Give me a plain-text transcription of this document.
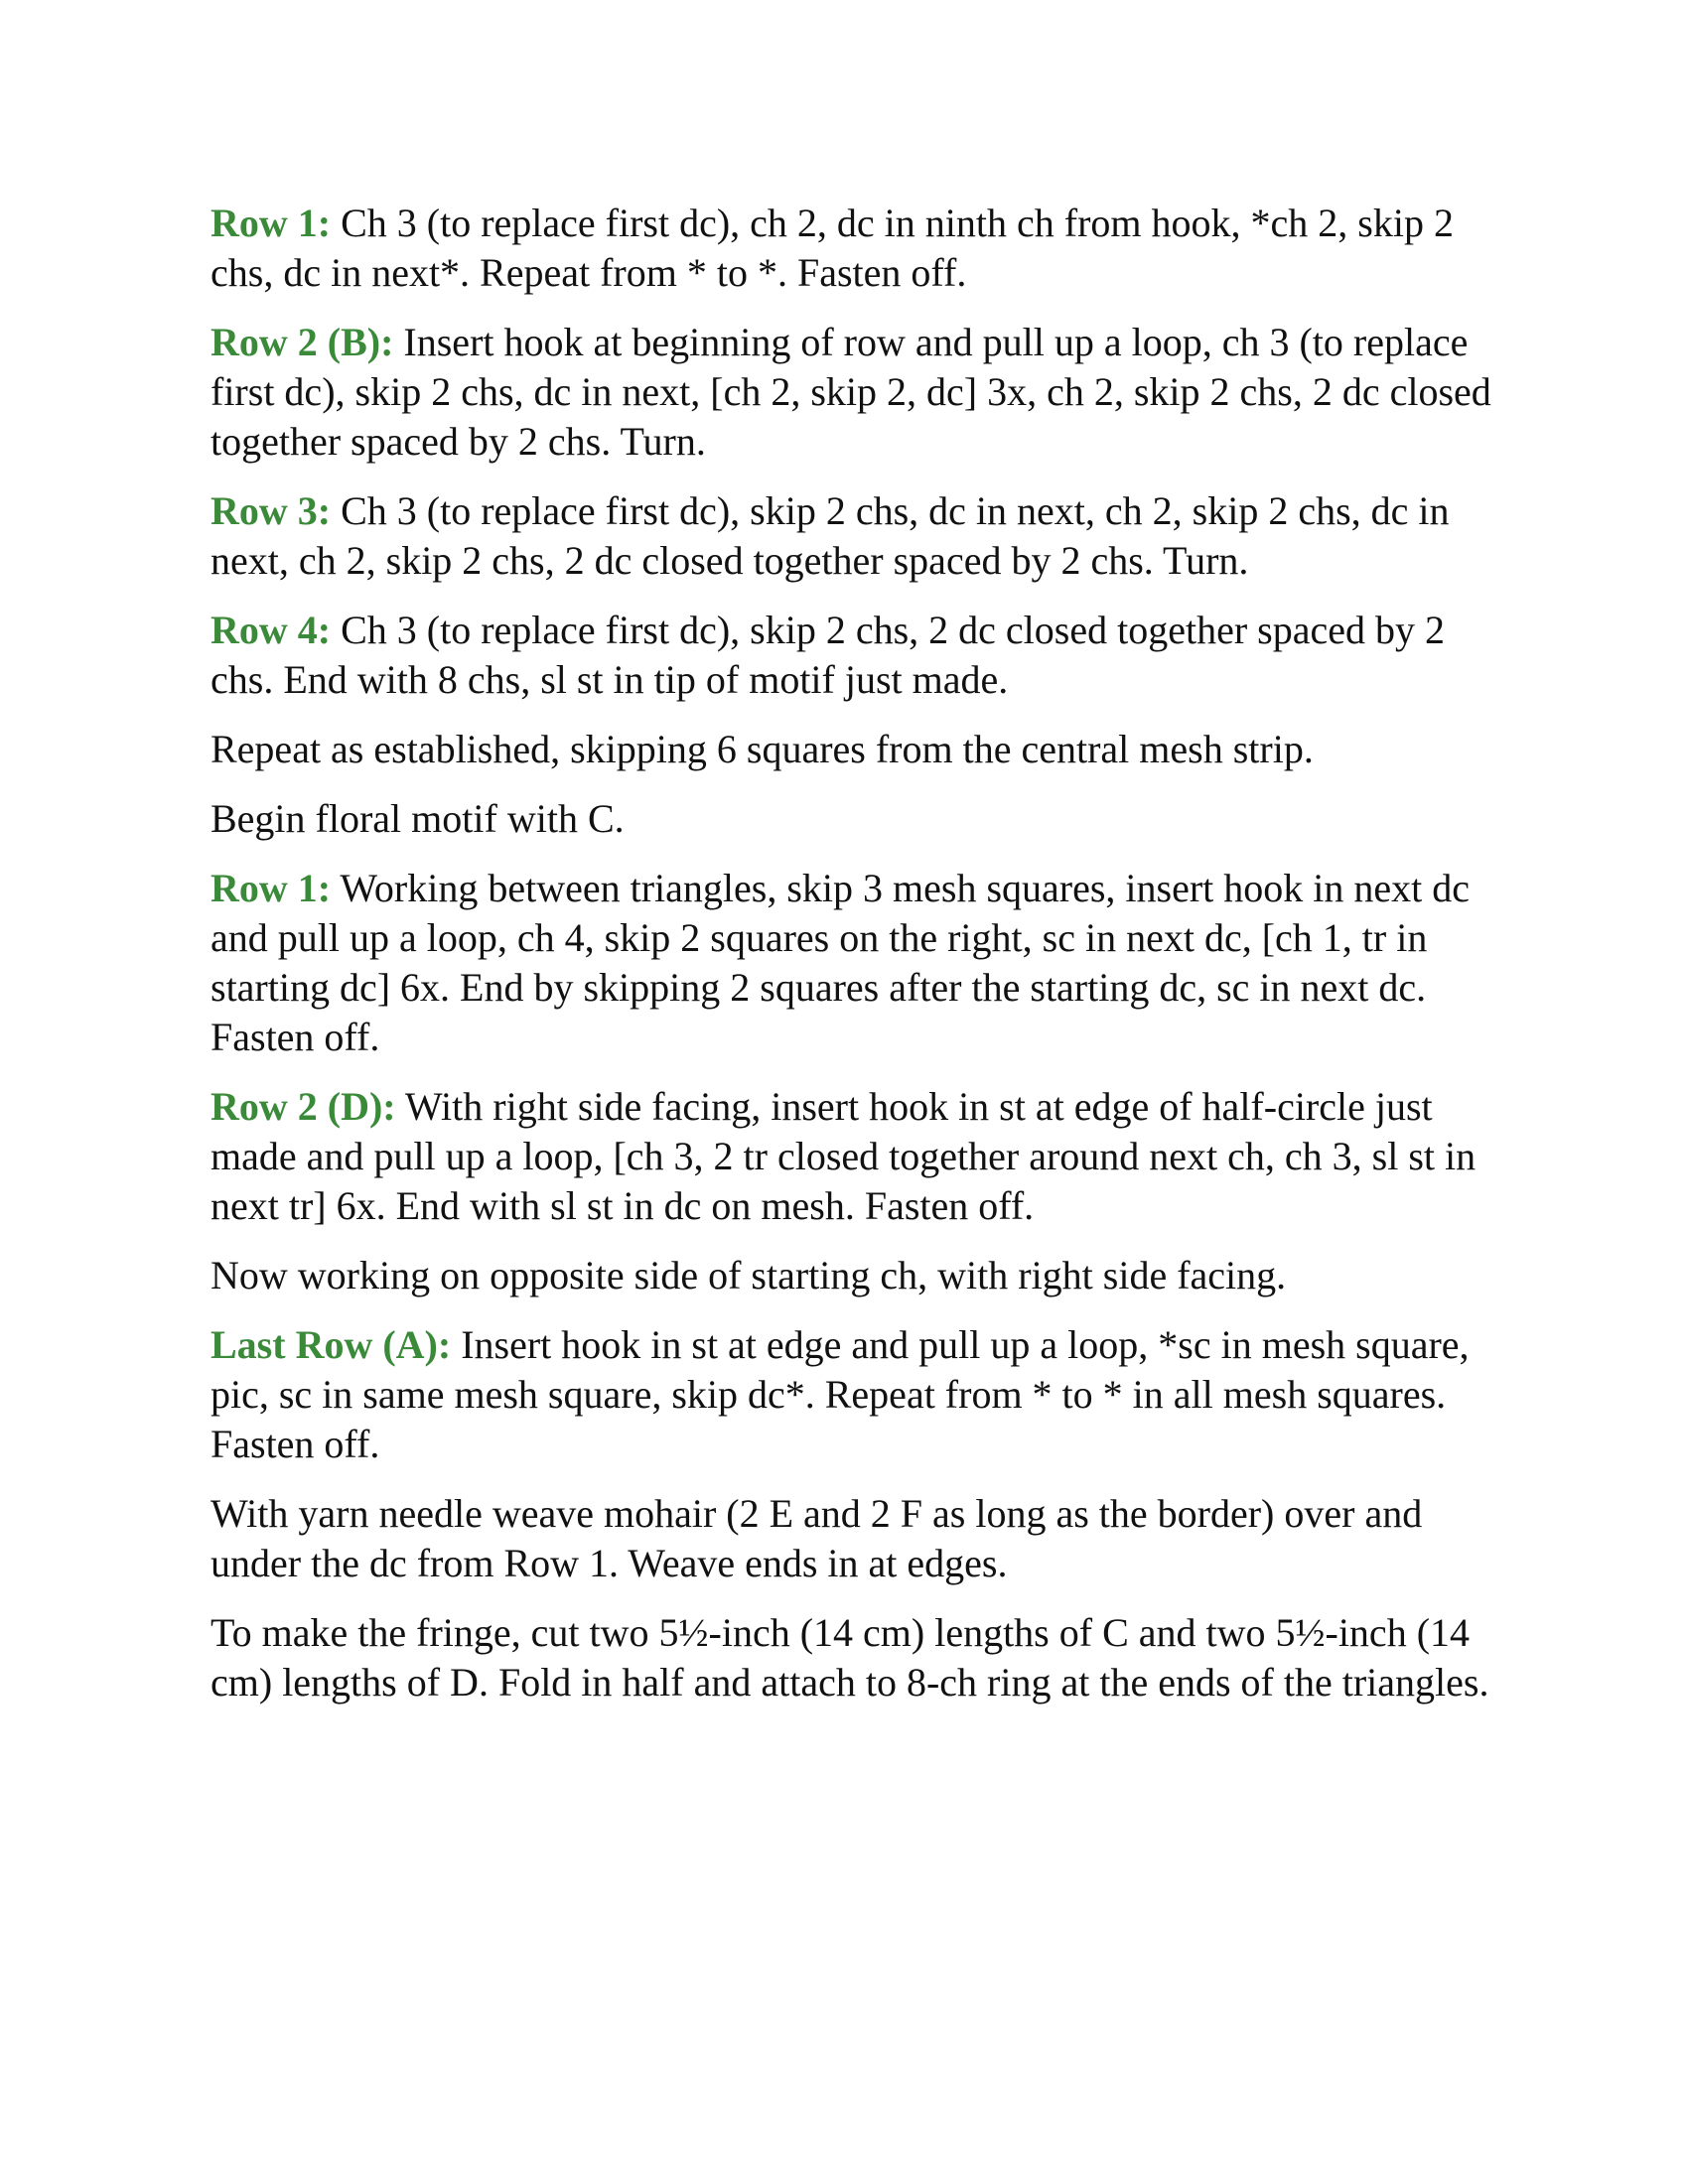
Row 1: Ch 3 (to replace first dc), ch 2, dc in ninth ch from hook, *ch 2, skip 2 chs, dc in next*. Repeat from * to *. Fasten off.

Row 2 (B): Insert hook at beginning of row and pull up a loop, ch 3 (to replace first dc), skip 2 chs, dc in next, [ch 2, skip 2, dc] 3x, ch 2, skip 2 chs, 2 dc closed together spaced by 2 chs. Turn.

Row 3: Ch 3 (to replace first dc), skip 2 chs, dc in next, ch 2, skip 2 chs, dc in next, ch 2, skip 2 chs, 2 dc closed together spaced by 2 chs. Turn.

Row 4: Ch 3 (to replace first dc), skip 2 chs, 2 dc closed together spaced by 2 chs. End with 8 chs, sl st in tip of motif just made.

Repeat as established, skipping 6 squares from the central mesh strip.

Begin floral motif with C.

Row 1: Working between triangles, skip 3 mesh squares, insert hook in next dc and pull up a loop, ch 4, skip 2 squares on the right, sc in next dc, [ch 1, tr in starting dc] 6x. End by skipping 2 squares after the starting dc, sc in next dc. Fasten off.

Row 2 (D): With right side facing, insert hook in st at edge of half-circle just made and pull up a loop, [ch 3, 2 tr closed together around next ch, ch 3, sl st in next tr] 6x. End with sl st in dc on mesh. Fasten off.

Now working on opposite side of starting ch, with right side facing.

Last Row (A): Insert hook in st at edge and pull up a loop, *sc in mesh square, pic, sc in same mesh square, skip dc*. Repeat from * to * in all mesh squares. Fasten off.

With yarn needle weave mohair (2 E and 2 F as long as the border) over and under the dc from Row 1. Weave ends in at edges.

To make the fringe, cut two 5½-inch (14 cm) lengths of C and two 5½-inch (14 cm) lengths of D. Fold in half and attach to 8-ch ring at the ends of the triangles.
